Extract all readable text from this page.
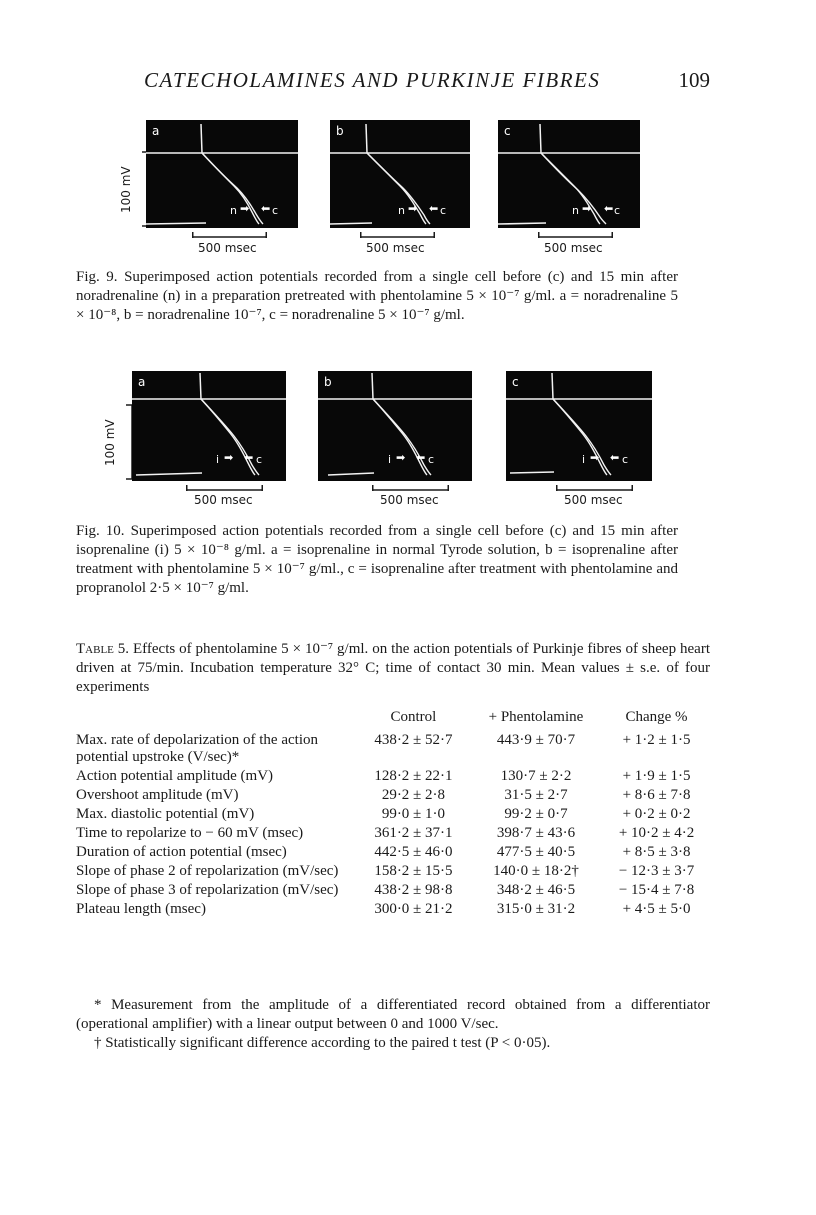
CATECHOLAMINES AND PURKINJE FIBRES	109
100 mV
a
n ➡ ⬅ c
b
n ➡ ⬅ c
c
n ➡ ⬅ c
500 msec	500 msec	500 msec
Fig. 9. Superimposed action potentials recorded from a single cell before (c) and 15 min after noradrenaline (n) in a preparation pretreated with phentolamine 5 × 10⁻⁷ g/ml. a = noradrenaline 5 × 10⁻⁸, b = noradrenaline 10⁻⁷, c = noradrenaline 5 × 10⁻⁷ g/ml.
100 mV
a
i ➡ ⬅ c
b
i ➡ ⬅ c
c
i ➡ ⬅ c
500 msec	500 msec	500 msec
Fig. 10. Superimposed action potentials recorded from a single cell before (c) and 15 min after isoprenaline (i) 5 × 10⁻⁸ g/ml. a = isoprenaline in normal Tyrode solution, b = isoprenaline after treatment with phentolamine 5 × 10⁻⁷ g/ml., c = isoprenaline after treatment with phentolamine and propranolol 2·5 × 10⁻⁷ g/ml.
Table 5. Effects of phentolamine 5 × 10⁻⁷ g/ml. on the action potentials of Purkinje fibres of sheep heart driven at 75/min. Incubation temperature 32° C; time of contact 30 min. Mean values ± s.e. of four experiments
	Control	+ Phentolamine	Change %
Max. rate of depolarization of the action potential upstroke (V/sec)*	438·2 ± 52·7	443·9 ± 70·7	+ 1·2 ± 1·5
Action potential amplitude (mV)	128·2 ± 22·1	130·7 ± 2·2	+ 1·9 ± 1·5
Overshoot amplitude (mV)	29·2 ± 2·8	31·5 ± 2·7	+ 8·6 ± 7·8
Max. diastolic potential (mV)	99·0 ± 1·0	99·2 ± 0·7	+ 0·2 ± 0·2
Time to repolarize to − 60 mV (msec)	361·2 ± 37·1	398·7 ± 43·6	+ 10·2 ± 4·2
Duration of action potential (msec)	442·5 ± 46·0	477·5 ± 40·5	+ 8·5 ± 3·8
Slope of phase 2 of repolarization (mV/sec)	158·2 ± 15·5	140·0 ± 18·2†	− 12·3 ± 3·7
Slope of phase 3 of repolarization (mV/sec)	438·2 ± 98·8	348·2 ± 46·5	− 15·4 ± 7·8
Plateau length (msec)	300·0 ± 21·2	315·0 ± 31·2	+ 4·5 ± 5·0
* Measurement from the amplitude of a differentiated record obtained from a differentiator (operational amplifier) with a linear output between 0 and 1000 V/sec.
† Statistically significant difference according to the paired t test (P < 0·05).
